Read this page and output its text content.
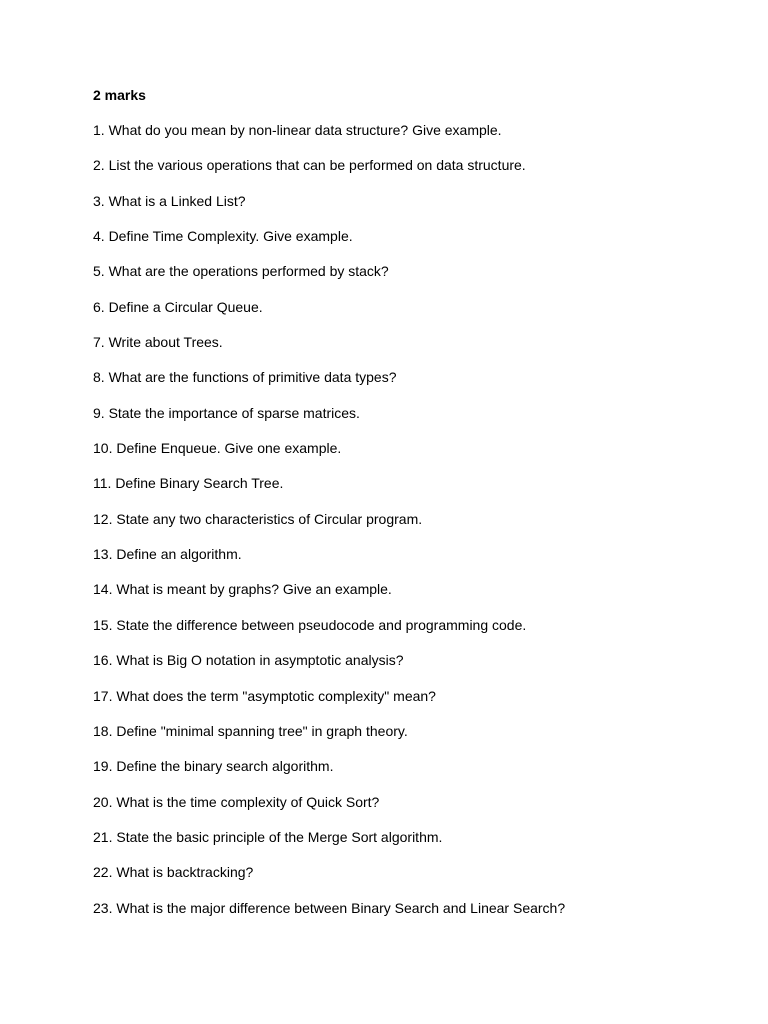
2 marks
1. What do you mean by non-linear data structure? Give example.
2. List the various operations that can be performed on data structure.
3. What is a Linked List?
4. Define Time Complexity. Give example.
5. What are the operations performed by stack?
6. Define a Circular Queue.
7. Write about Trees.
8. What are the functions of primitive data types?
9. State the importance of sparse matrices.
10. Define Enqueue. Give one example.
11. Define Binary Search Tree.
12. State any two characteristics of Circular program.
13. Define an algorithm.
14. What is meant by graphs? Give an example.
15. State the difference between pseudocode and programming code.
16. What is Big O notation in asymptotic analysis?
17. What does the term "asymptotic complexity" mean?
18. Define "minimal spanning tree" in graph theory.
19. Define the binary search algorithm.
20. What is the time complexity of Quick Sort?
21. State the basic principle of the Merge Sort algorithm.
22. What is backtracking?
23. What is the major difference between Binary Search and Linear Search?
